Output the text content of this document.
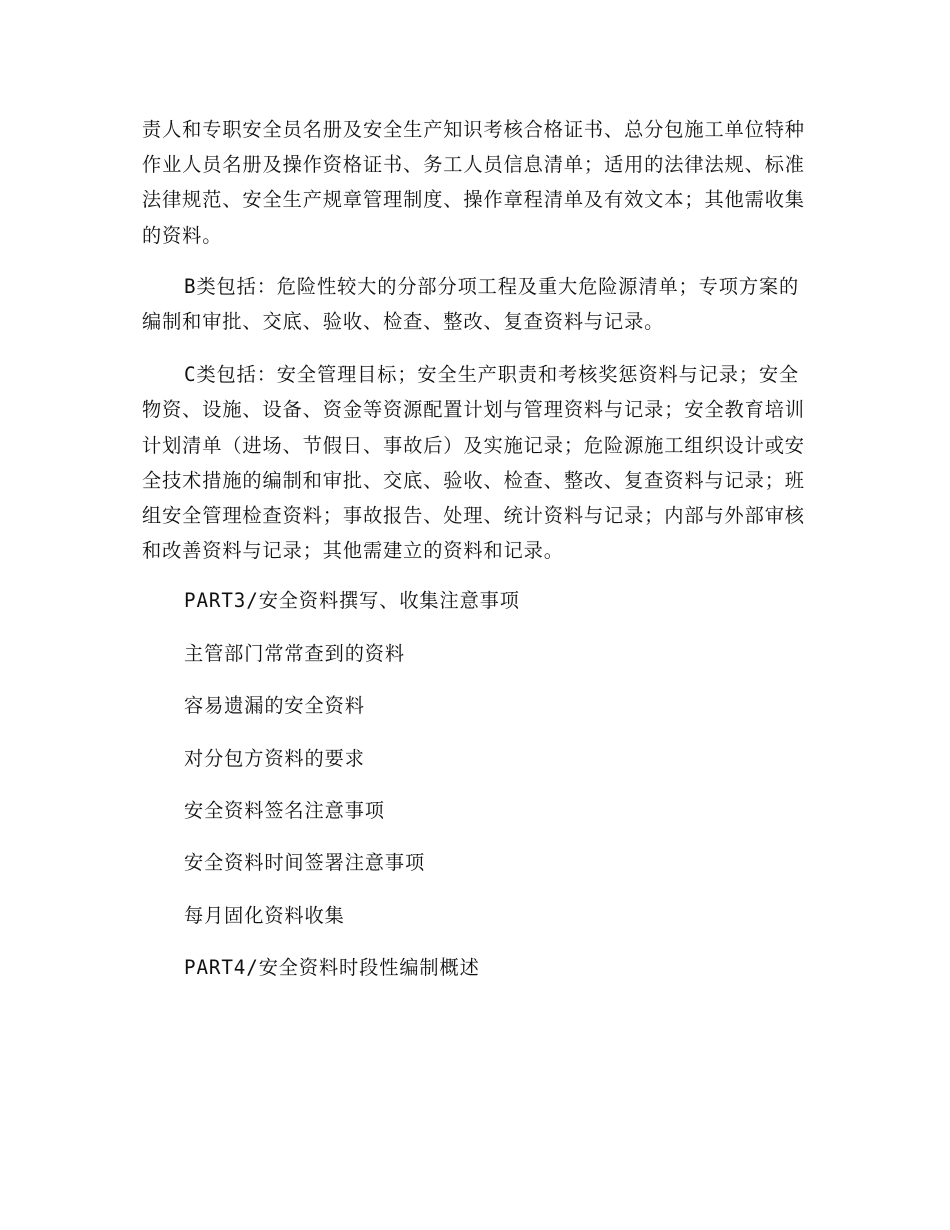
责人和专职安全员名册及安全生产知识考核合格证书、总分包施工单位特种作业人员名册及操作资格证书、务工人员信息清单；适用的法律法规、标准法律规范、安全生产规章管理制度、操作章程清单及有效文本；其他需收集的资料。

B类包括：危险性较大的分部分项工程及重大危险源清单；专项方案的编制和审批、交底、验收、检查、整改、复查资料与记录。

C类包括：安全管理目标；安全生产职责和考核奖惩资料与记录；安全物资、设施、设备、资金等资源配置计划与管理资料与记录；安全教育培训计划清单（进场、节假日、事故后）及实施记录；危险源施工组织设计或安全技术措施的编制和审批、交底、验收、检查、整改、复查资料与记录；班组安全管理检查资料；事故报告、处理、统计资料与记录；内部与外部审核和改善资料与记录；其他需建立的资料和记录。

PART3/安全资料撰写、收集注意事项
主管部门常常查到的资料
容易遗漏的安全资料
对分包方资料的要求
安全资料签名注意事项
安全资料时间签署注意事项
每月固化资料收集
PART4/安全资料时段性编制概述
